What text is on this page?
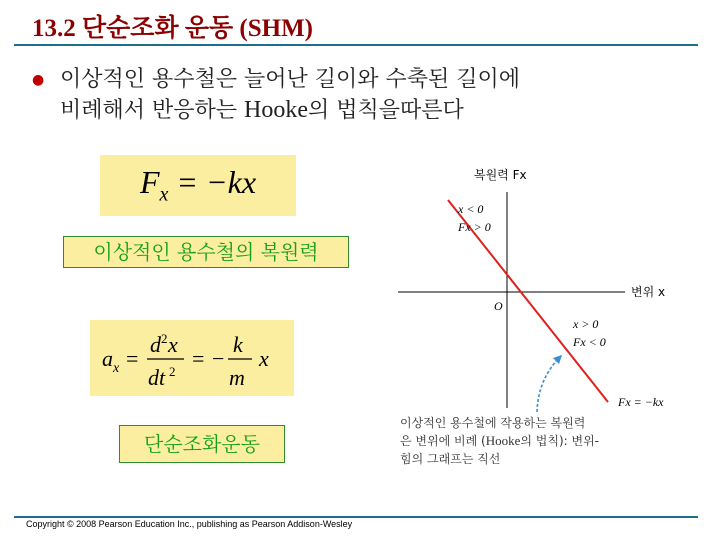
13.2 단순조화 운동 (SHM)
● 이상적인 용수철은 늘어난 길이와 수축된 길이에
비례해서 반응하는 Hooke의 법칙을따른다
$F_x = -kx$
이상적인 용수철의 복원력
a x =
d 2 x
dt 2
= −
k
m
x
단순조화운동
복원력 Fx
변위 x
O
x < 0
Fx > 0
x > 0
Fx < 0
Fx = −kx
이상적인 용수철에 작용하는 복원력
은 변위에 비례 (Hooke의 법칙): 변위-
힘의 그래프는 직선
Copyright © 2008 Pearson Education Inc., publishing as Pearson Addison-Wesley
